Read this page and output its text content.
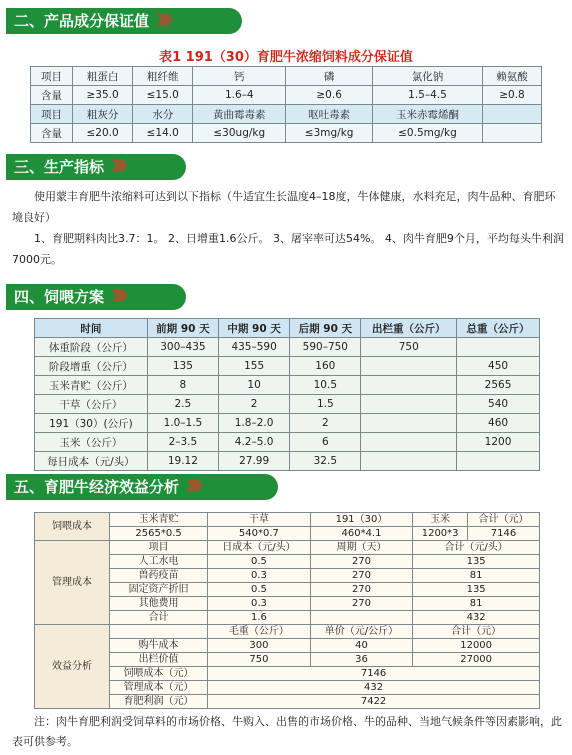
二、产品成分保证值 》》》
表1 191（30）育肥牛浓缩饲料成分保证值
项目	粗蛋白	粗纤维	钙	磷	氯化钠	赖氨酸
含量	≥35.0	≤15.0	1.6–4	≥0.6	1.5–4.5	≥0.8
项目	粗灰分	水分	黄曲霉毒素	呕吐毒素	玉米赤霉烯酮	
含量	≤20.0	≤14.0	≤30ug/kg	≤3mg/kg	≤0.5mg/kg	
三、生产指标 》》》
使用蒙丰育肥牛浓缩料可达到以下指标（牛适宜生长温度4–18度，牛体健康，水料充足，肉牛品种、育肥环境良好）
1、育肥期料肉比3.7：1。 2、日增重1.6公斤。 3、屠宰率可达54%。 4、肉牛育肥9个月，平均每头牛利润7000元。
四、饲喂方案 》》》
时间	前期 90 天	中期 90 天	后期 90 天	出栏重（公斤）	总重（公斤）
体重阶段（公斤）	300–435	435–590	590–750	750	
阶段增重（公斤）	135	155	160		450
玉米青贮（公斤）	8	10	10.5		2565
干草（公斤）	2.5	2	1.5		540
191（30）(公斤)	1.0–1.5	1.8–2.0	2		460
玉米（公斤）	2–3.5	4.2–5.0	6		1200
每日成本（元/头）	19.12	27.99	32.5		
五、育肥牛经济效益分析 》》》
饲喂成本	玉米青贮	干草	191（30）	玉米	合计（元）
	2565*0.5	540*0.7	460*4.1	1200*3	7146
管理成本	项目	日成本（元/头）	周期（天）	合计（元/头）	
	人工水电	0.5	270	135	
	兽药疫苗	0.3	270	81	
	固定资产折旧	0.5	270	135	
	其他费用	0.3	270	81	
	合计	1.6		432	
效益分析		毛重（公斤）	单价（元/公斤）	合计（元）	
	购牛成本	300	40	12000	
	出栏价值	750	36	27000	
	饲喂成本（元）	7146			
	管理成本（元）	432			
	育肥利润（元）	7422			
注：肉牛育肥利润受饲草料的市场价格、牛购入、出售的市场价格、牛的品种、当地气候条件等因素影响，此表可供参考。
